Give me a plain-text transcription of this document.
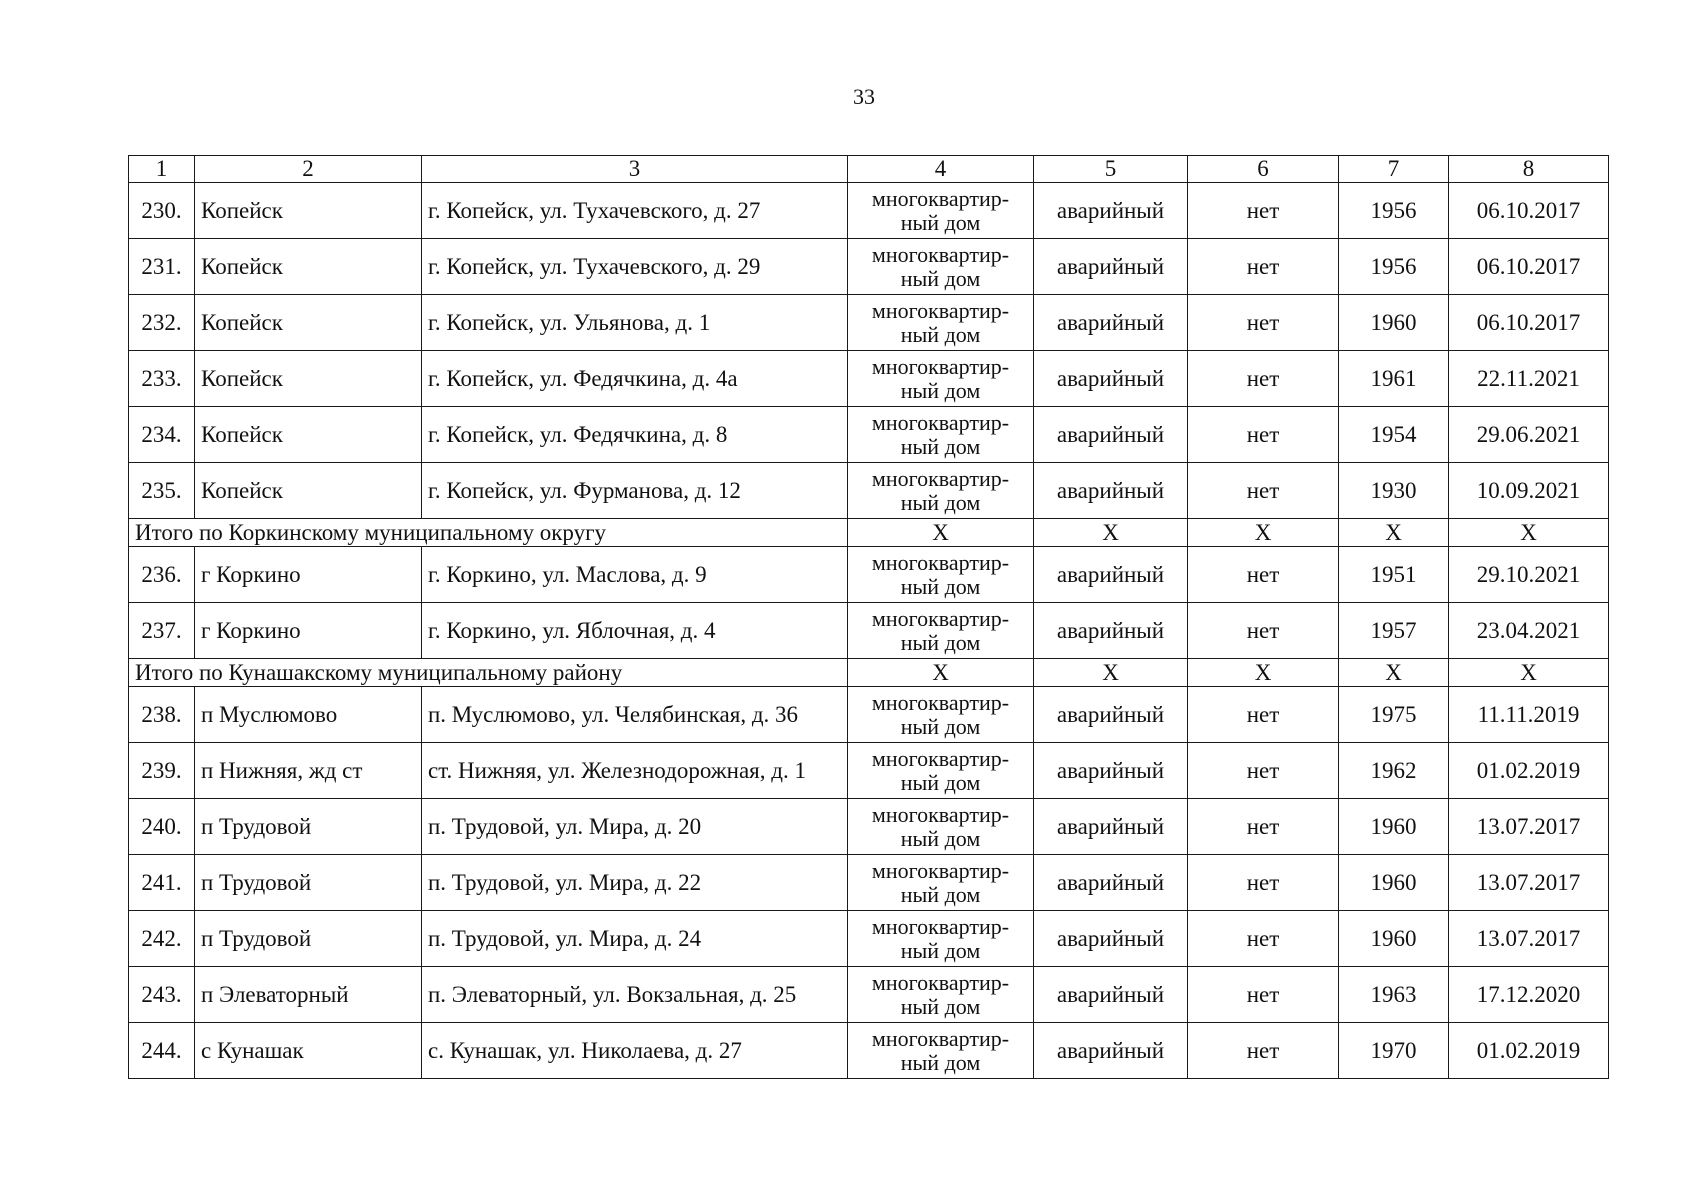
33
1	2	3	4	5	6	7	8
230.	Копейск	г. Копейск, ул. Тухачевского, д. 27	многоквартир-
ный дом	аварийный	нет	1956	06.10.2017
231.	Копейск	г. Копейск, ул. Тухачевского, д. 29	многоквартир-
ный дом	аварийный	нет	1956	06.10.2017
232.	Копейск	г. Копейск, ул. Ульянова, д. 1	многоквартир-
ный дом	аварийный	нет	1960	06.10.2017
233.	Копейск	г. Копейск, ул. Федячкина, д. 4а	многоквартир-
ный дом	аварийный	нет	1961	22.11.2021
234.	Копейск	г. Копейск, ул. Федячкина, д. 8	многоквартир-
ный дом	аварийный	нет	1954	29.06.2021
235.	Копейск	г. Копейск, ул. Фурманова, д. 12	многоквартир-
ный дом	аварийный	нет	1930	10.09.2021
Итого по Коркинскому муниципальному округу			X	X	X	X	X
236.	г Коркино	г. Коркино, ул. Маслова, д. 9	многоквартир-
ный дом	аварийный	нет	1951	29.10.2021
237.	г Коркино	г. Коркино, ул. Яблочная, д. 4	многоквартир-
ный дом	аварийный	нет	1957	23.04.2021
Итого по Кунашакскому муниципальному району			X	X	X	X	X
238.	п Муслюмово	п. Муслюмово, ул. Челябинская, д. 36	многоквартир-
ный дом	аварийный	нет	1975	11.11.2019
239.	п Нижняя, жд ст	ст. Нижняя, ул. Железнодорожная, д. 1	многоквартир-
ный дом	аварийный	нет	1962	01.02.2019
240.	п Трудовой	п. Трудовой, ул. Мира, д. 20	многоквартир-
ный дом	аварийный	нет	1960	13.07.2017
241.	п Трудовой	п. Трудовой, ул. Мира, д. 22	многоквартир-
ный дом	аварийный	нет	1960	13.07.2017
242.	п Трудовой	п. Трудовой, ул. Мира, д. 24	многоквартир-
ный дом	аварийный	нет	1960	13.07.2017
243.	п Элеваторный	п. Элеваторный, ул. Вокзальная, д. 25	многоквартир-
ный дом	аварийный	нет	1963	17.12.2020
244.	с Кунашак	с. Кунашак, ул. Николаева, д. 27	многоквартир-
ный дом	аварийный	нет	1970	01.02.2019
